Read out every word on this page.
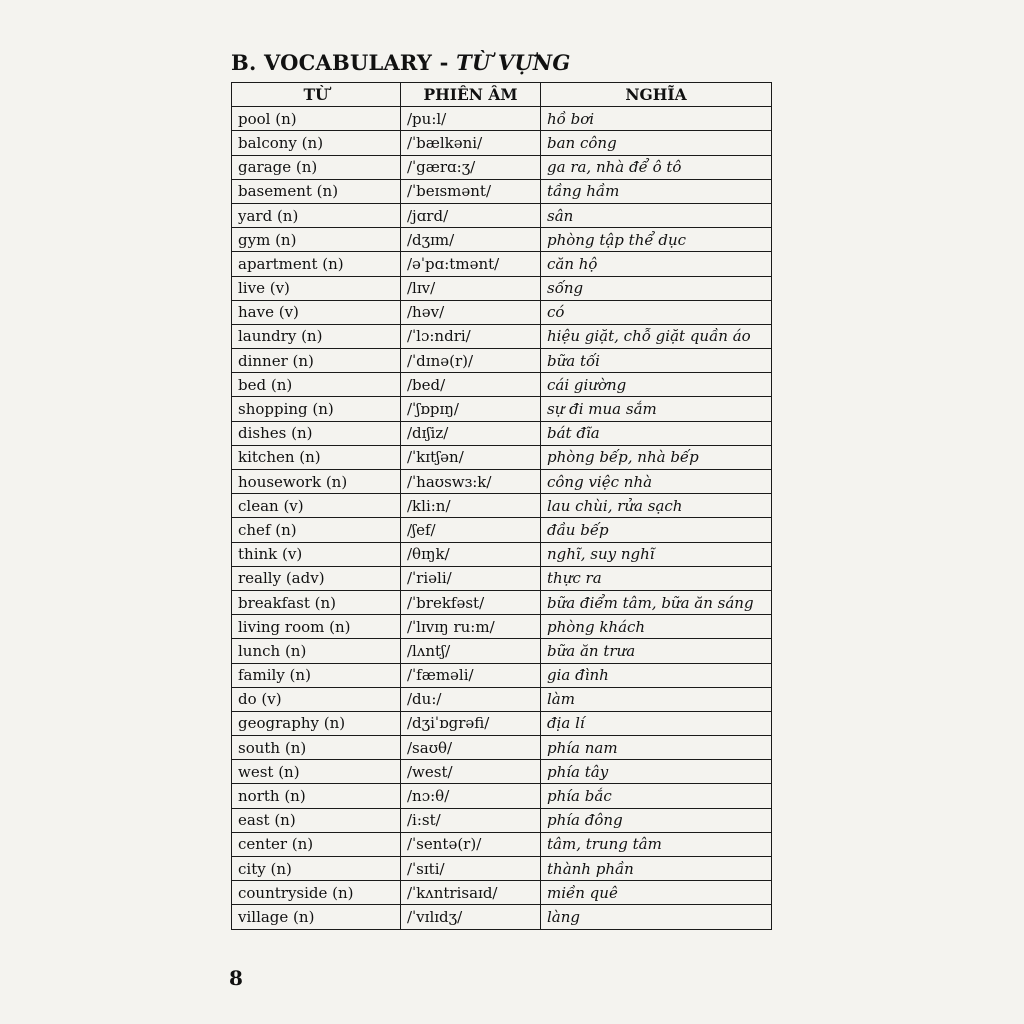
B. VOCABULARY - TỪ VỰNG
TỪ	PHIÊN ÂM	NGHĨA
pool (n)	/pu:l/	hồ bơi
balcony (n)	/ˈbælkəni/	ban công
garage (n)	/ˈgærɑ:ʒ/	ga ra, nhà để ô tô
basement (n)	/ˈbeɪsmənt/	tầng hầm
yard (n)	/jɑrd/	sân
gym (n)	/dʒɪm/	phòng tập thể dục
apartment (n)	/əˈpɑ:tmənt/	căn hộ
live (v)	/lɪv/	sống
have (v)	/həv/	có
laundry (n)	/ˈlɔ:ndri/	hiệu giặt, chỗ giặt quần áo
dinner (n)	/ˈdɪnə(r)/	bữa tối
bed (n)	/bed/	cái giường
shopping (n)	/ˈʃɒpɪŋ/	sự đi mua sắm
dishes (n)	/dɪʃiz/	bát đĩa
kitchen (n)	/ˈkɪtʃən/	phòng bếp, nhà bếp
housework (n)	/ˈhaʊswɜ:k/	công việc nhà
clean (v)	/kli:n/	lau chùi, rửa sạch
chef (n)	/ʃef/	đầu bếp
think (v)	/θɪŋk/	nghĩ, suy nghĩ
really (adv)	/ˈriəli/	thực ra
breakfast (n)	/ˈbrekfəst/	bữa điểm tâm, bữa ăn sáng
living room (n)	/ˈlɪvɪŋ ru:m/	phòng khách
lunch (n)	/lʌntʃ/	bữa ăn trưa
family (n)	/ˈfæməli/	gia đình
do (v)	/du:/	làm
geography (n)	/dʒiˈɒgrəfi/	địa lí
south (n)	/saʊθ/	phía nam
west (n)	/west/	phía tây
north (n)	/nɔ:θ/	phía bắc
east (n)	/i:st/	phía đông
center (n)	/ˈsentə(r)/	tâm, trung tâm
city (n)	/ˈsɪti/	thành phần
countryside (n)	/ˈkʌntrisaɪd/	miền quê
village (n)	/ˈvɪlɪdʒ/	làng
8
